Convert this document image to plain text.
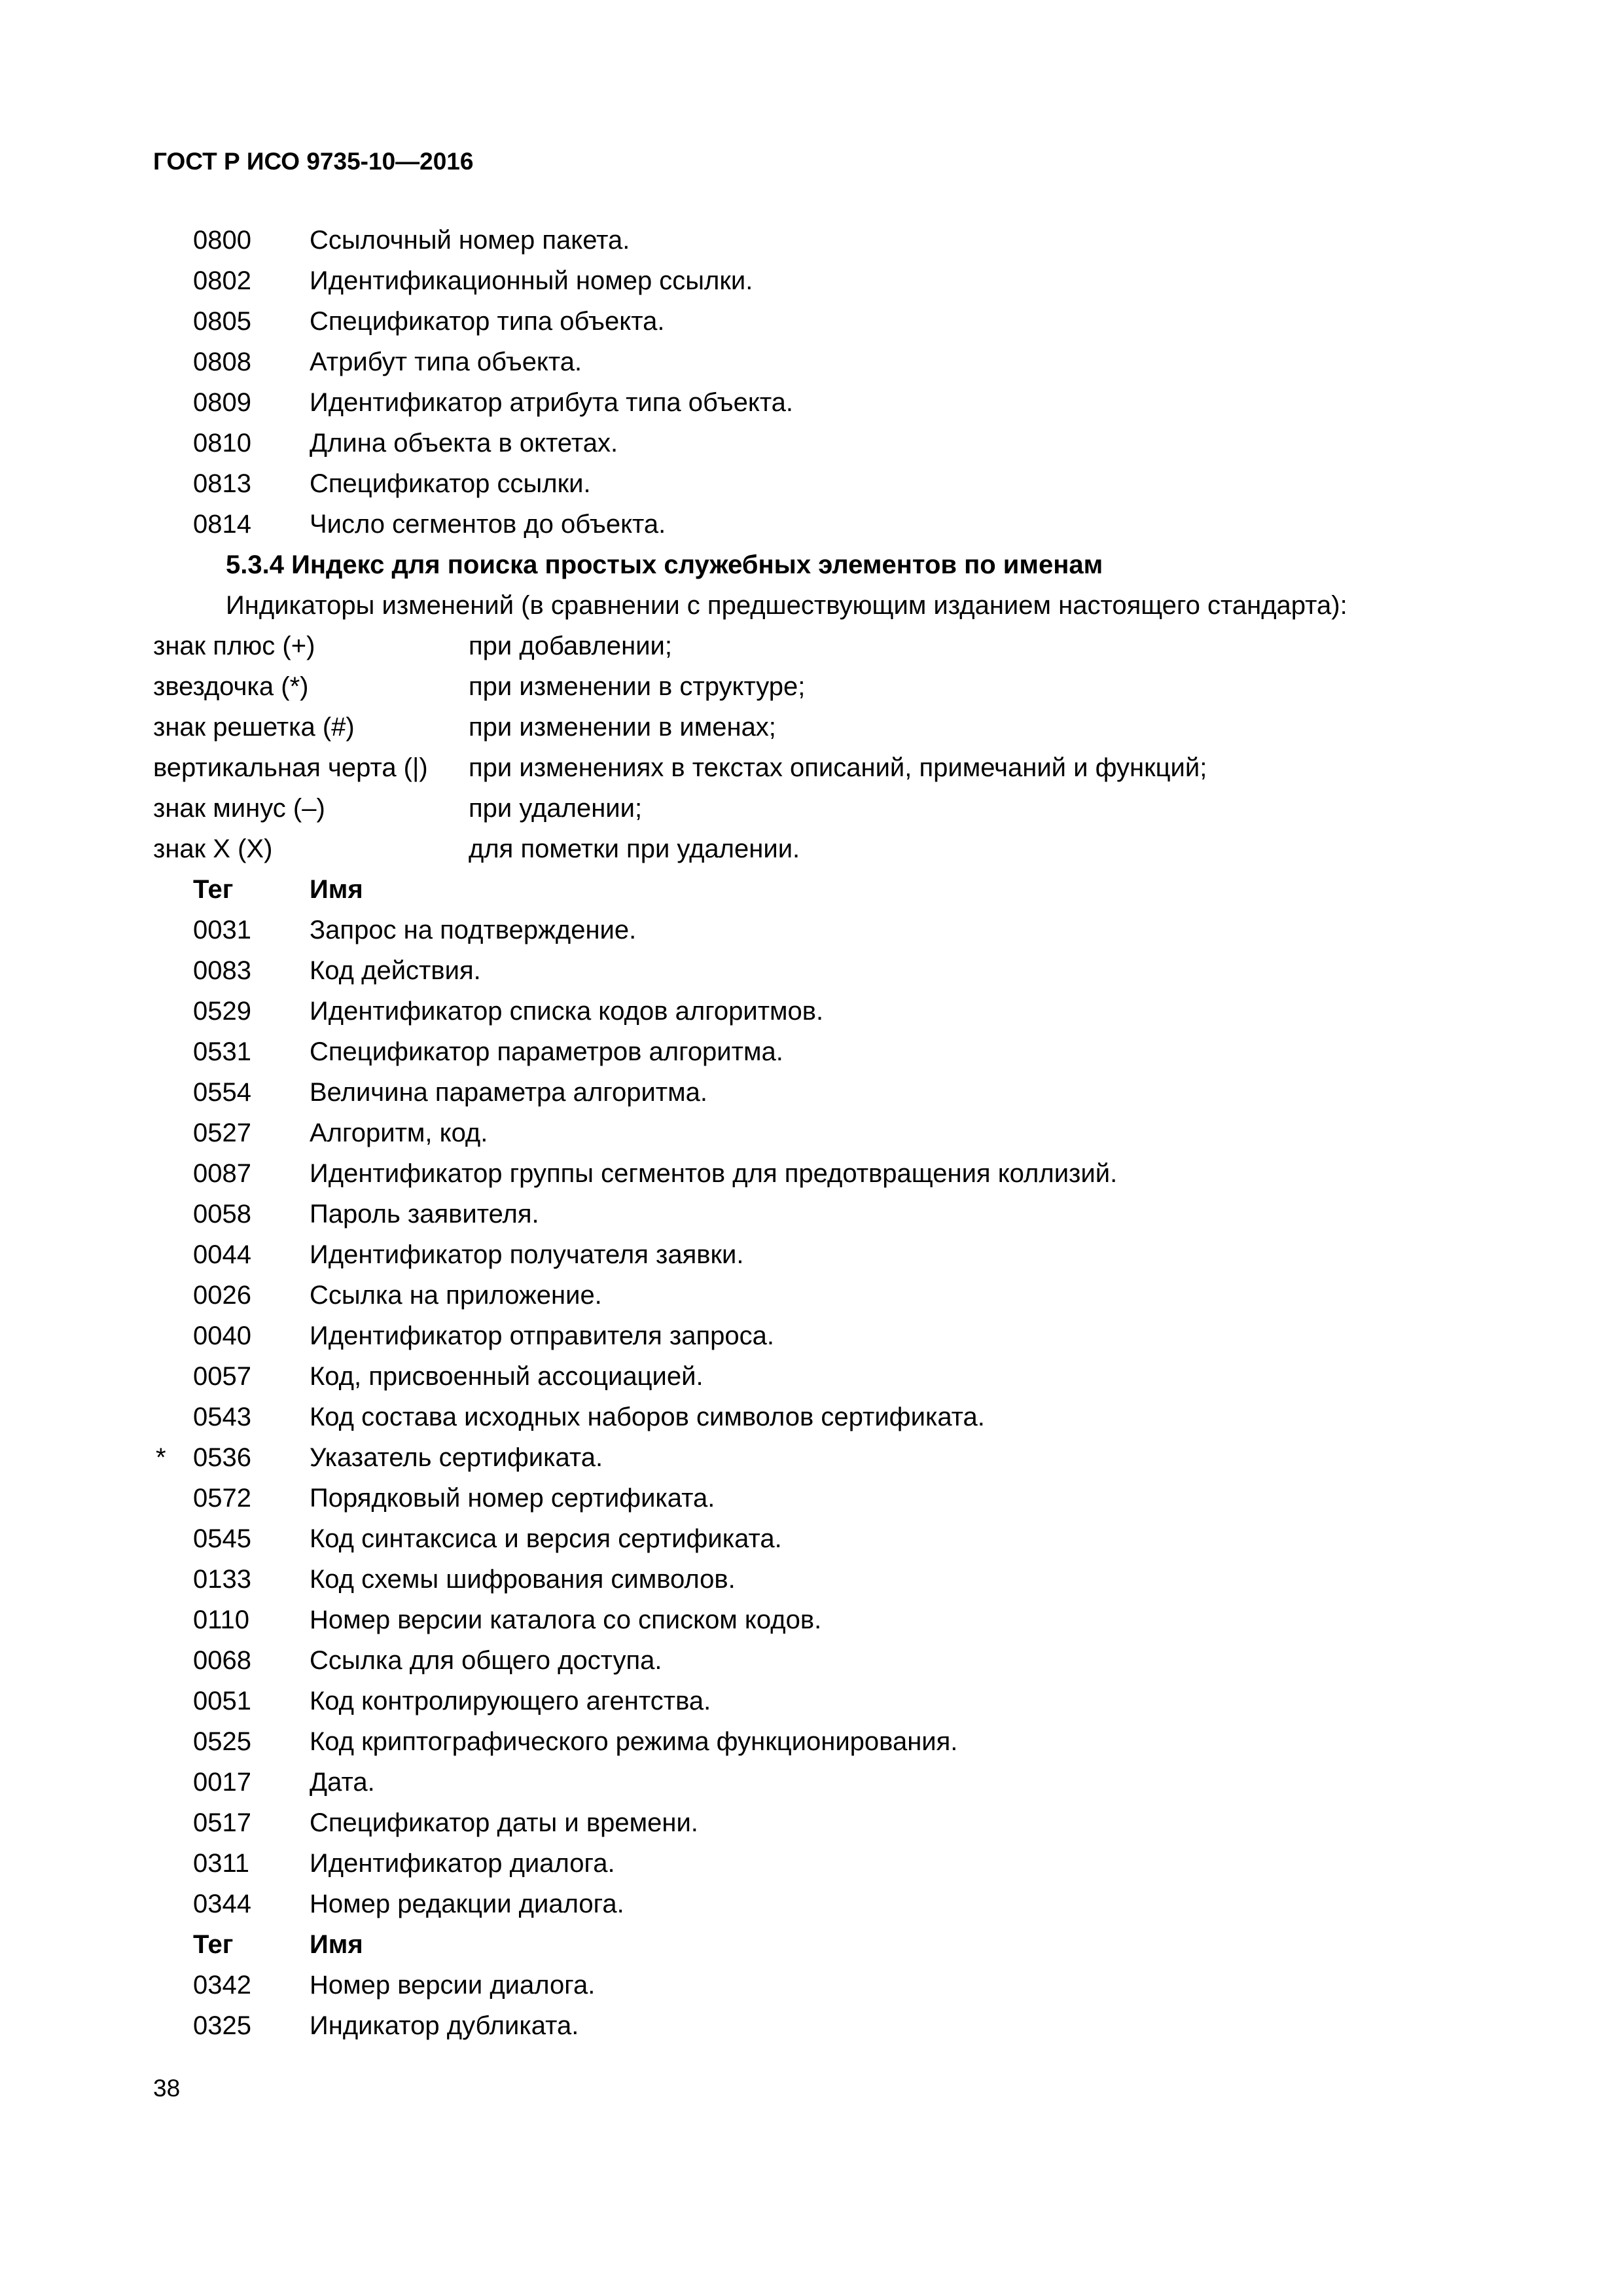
ГОСТ Р ИСО 9735-10—2016
0800 Ссылочный номер пакета.
0802 Идентификационный номер ссылки.
0805 Спецификатор типа объекта.
0808 Атрибут типа объекта.
0809 Идентификатор атрибута типа объекта.
0810 Длина объекта в октетах.
0813 Спецификатор ссылки.
0814 Число сегментов до объекта.
5.3.4 Индекс для поиска простых служебных элементов по именам
Индикаторы изменений (в сравнении с предшествующим изданием настоящего стандарта):
знак плюс (+)	при добавлении;
звездочка (*)	при изменении в структуре;
знак решетка (#)	при изменении в именах;
вертикальная черта (|) при изменениях в текстах описаний, примечаний и функций;
знак минус (–)	при удалении;
знак X (X)	для пометки при удалении.
Тег	Имя
0031 Запрос на подтверждение.
0083 Код действия.
0529 Идентификатор списка кодов алгоритмов.
0531 Спецификатор параметров алгоритма.
0554 Величина параметра алгоритма.
0527 Алгоритм, код.
0087 Идентификатор группы сегментов для предотвращения коллизий.
0058 Пароль заявителя.
0044 Идентификатор получателя заявки.
0026 Ссылка на приложение.
0040 Идентификатор отправителя запроса.
0057 Код, присвоенный ассоциацией.
0543 Код состава исходных наборов символов сертификата.
* 0536 Указатель сертификата.
0572 Порядковый номер сертификата.
0545 Код синтаксиса и версия сертификата.
0133 Код схемы шифрования символов.
0110 Номер версии каталога со списком кодов.
0068 Ссылка для общего доступа.
0051 Код контролирующего агентства.
0525 Код криптографического режима функционирования.
0017 Дата.
0517 Спецификатор даты и времени.
0311 Идентификатор диалога.
0344 Номер редакции диалога.
Тег	Имя
0342 Номер версии диалога.
0325 Индикатор дубликата.
38
